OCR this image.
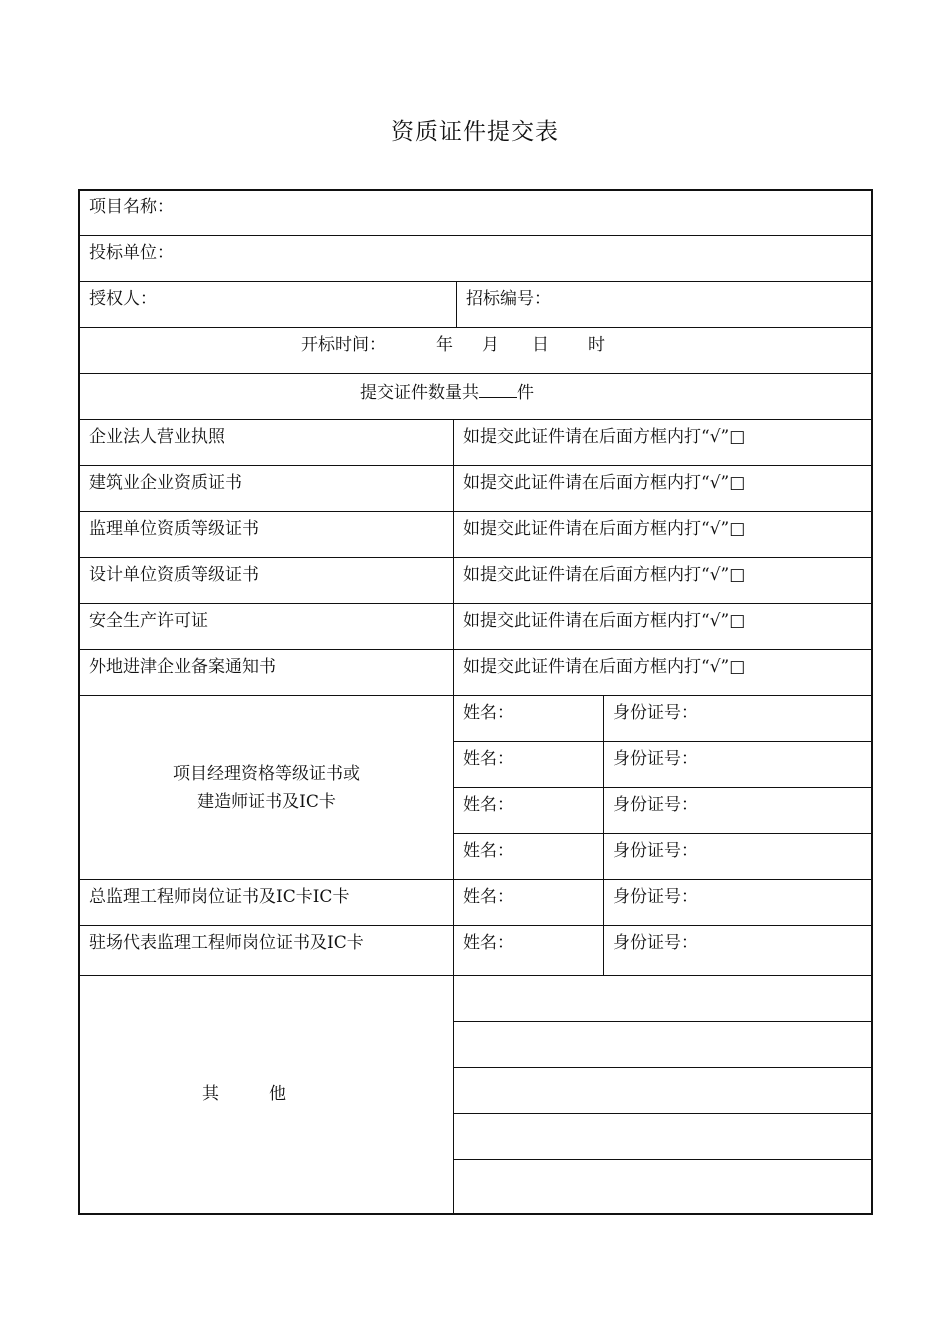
资质证件提交表
项目名称：
投标单位：
授权人：	招标编号：
开标时间：	年 月 日 时
提交证件数量共 件
企业法人营业执照	如提交此证件请在后面方框内打“√”□
建筑业企业资质证书	如提交此证件请在后面方框内打“√”□
监理单位资质等级证书	如提交此证件请在后面方框内打“√”□
设计单位资质等级证书	如提交此证件请在后面方框内打“√”□
安全生产许可证	如提交此证件请在后面方框内打“√”□
外地进津企业备案通知书	如提交此证件请在后面方框内打“√”□
项目经理资格等级证书或
建造师证书及IC卡
姓名：	身份证号：
姓名：	身份证号：
姓名：	身份证号：
姓名：	身份证号：
总监理工程师岗位证书及IC卡IC卡	姓名：	身份证号：
驻场代表监理工程师岗位证书及IC卡	姓名：	身份证号：
其	他
